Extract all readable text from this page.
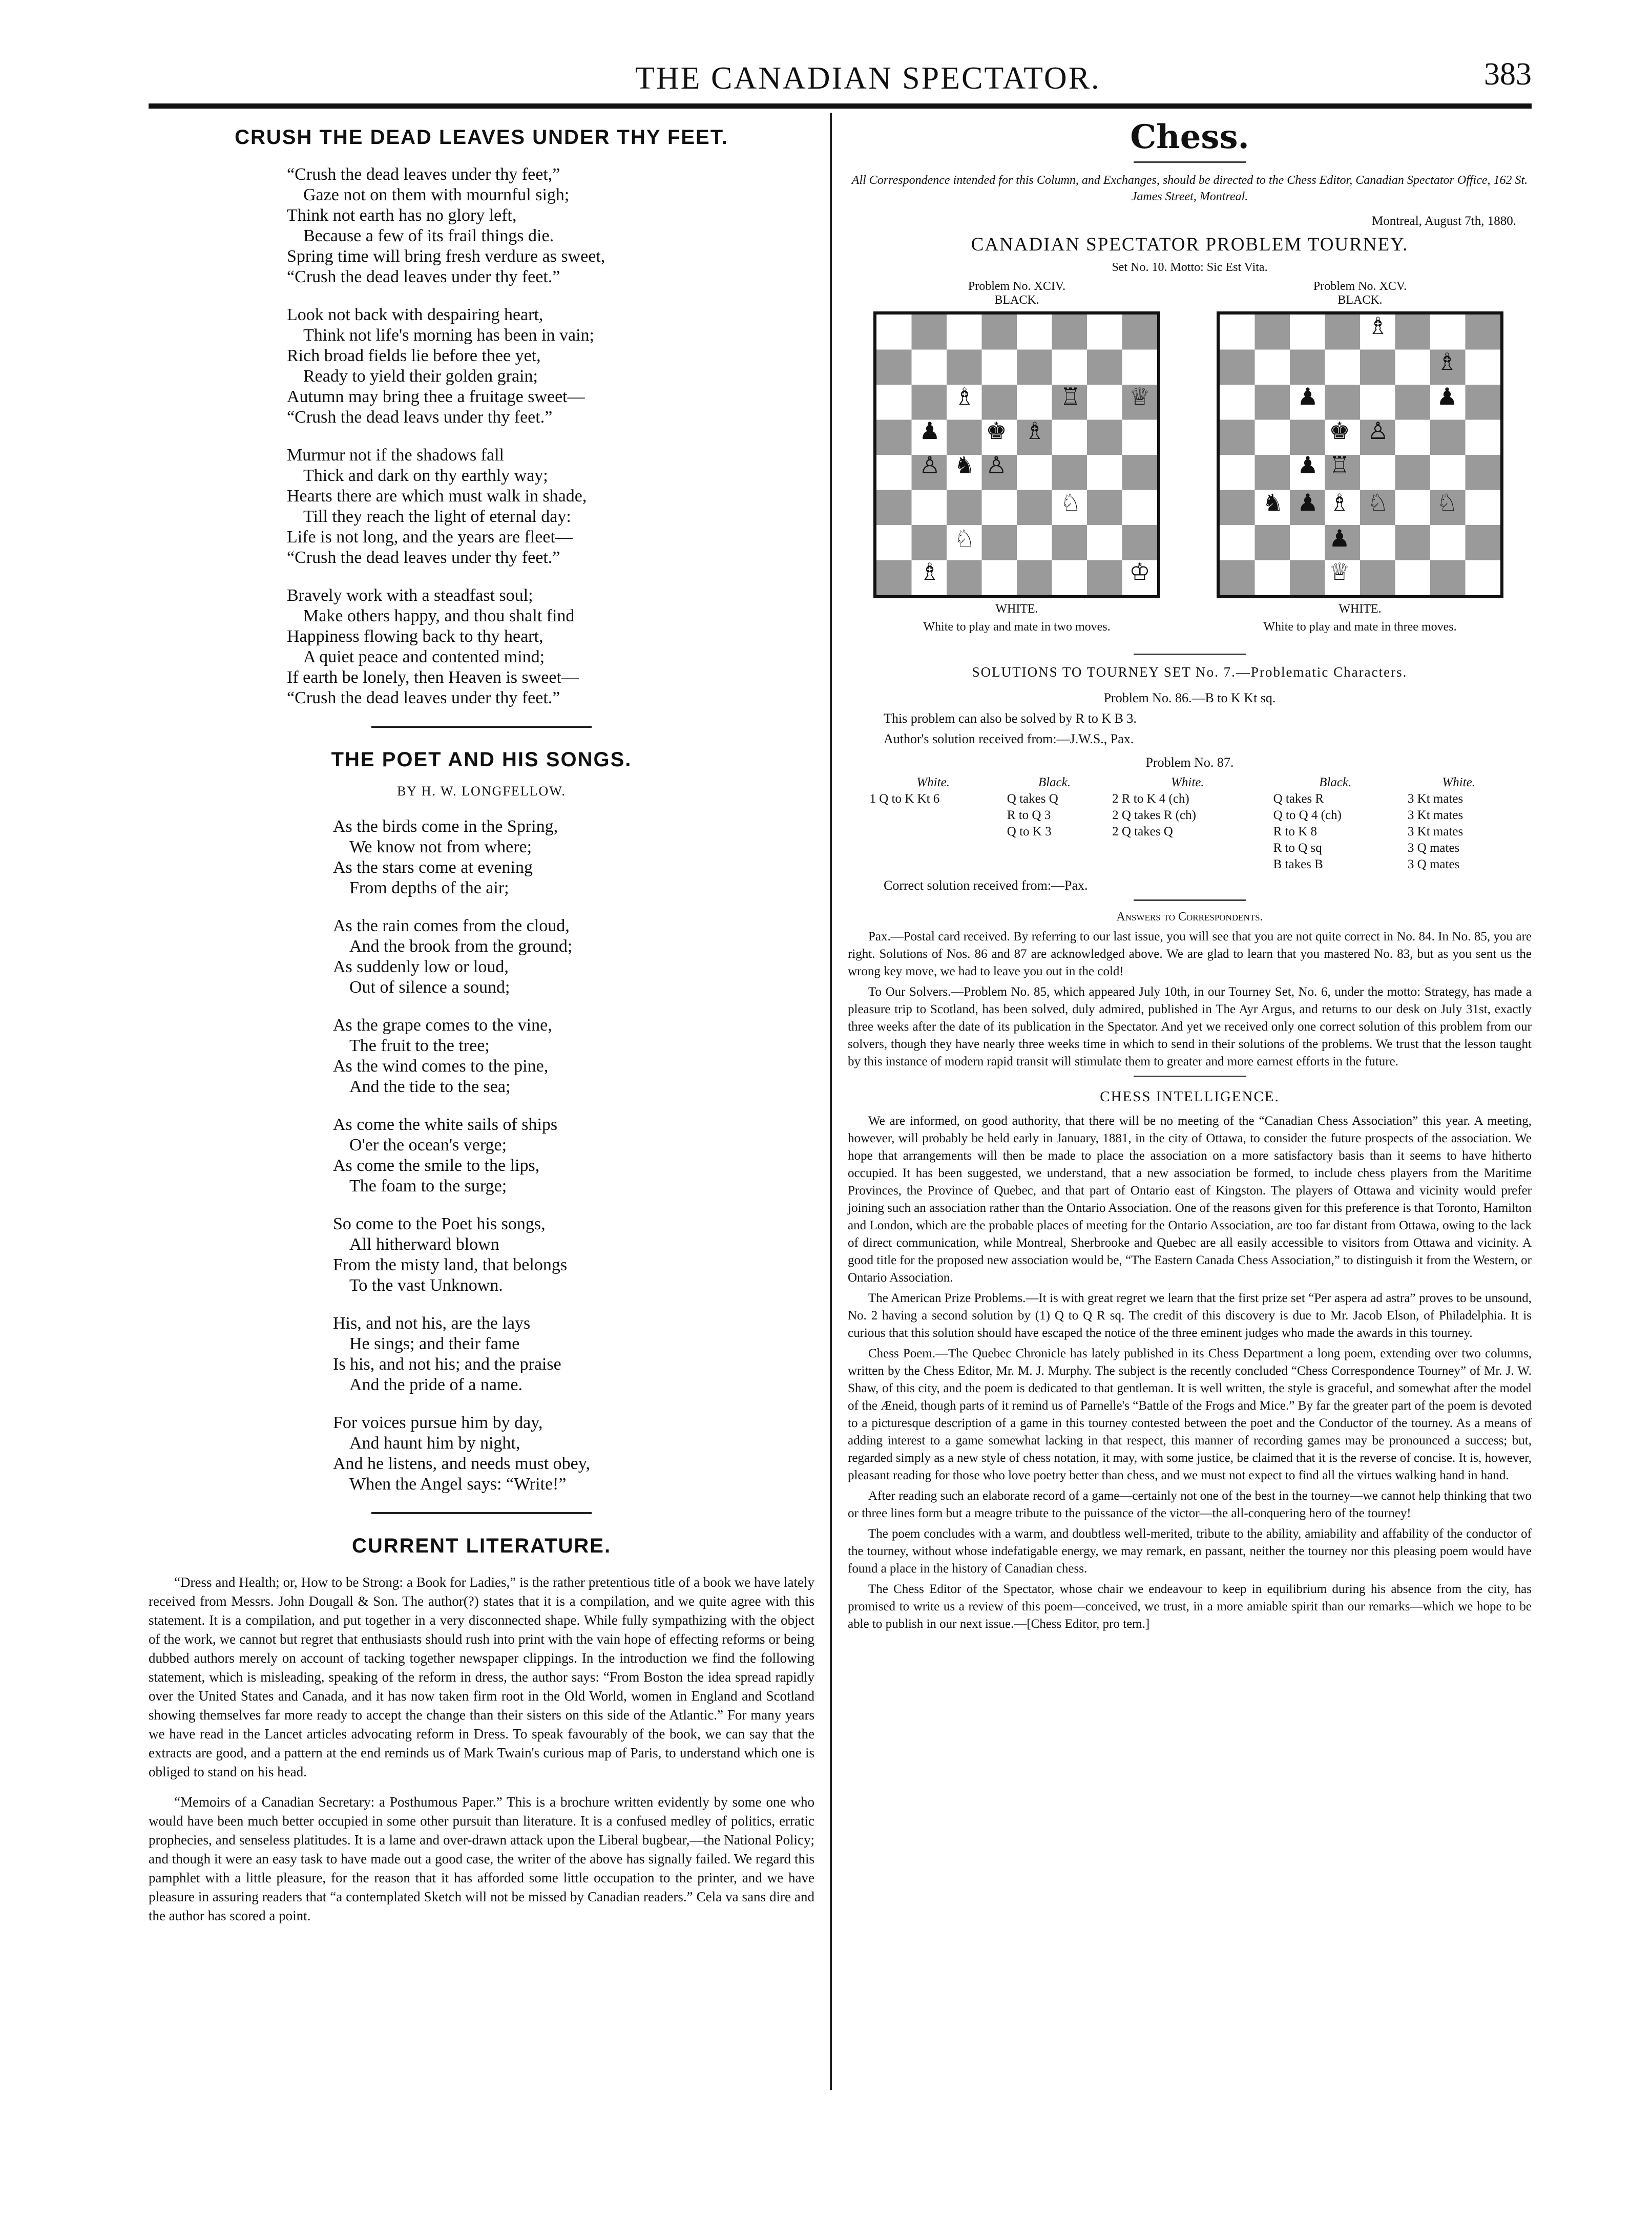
THE CANADIAN SPECTATOR.	383
CRUSH THE DEAD LEAVES UNDER THY FEET.
“Crush the dead leaves under thy feet,”
Gaze not on them with mournful sigh;
Think not earth has no glory left,
Because a few of its frail things die.
Spring time will bring fresh verdure as sweet,
“Crush the dead leaves under thy feet.”
Look not back with despairing heart,
Think not life's morning has been in vain;
Rich broad fields lie before thee yet,
Ready to yield their golden grain;
Autumn may bring thee a fruitage sweet—
“Crush the dead leavs under thy feet.”
Murmur not if the shadows fall
Thick and dark on thy earthly way;
Hearts there are which must walk in shade,
Till they reach the light of eternal day:
Life is not long, and the years are fleet—
“Crush the dead leaves under thy feet.”
Bravely work with a steadfast soul;
Make others happy, and thou shalt find
Happiness flowing back to thy heart,
A quiet peace and contented mind;
If earth be lonely, then Heaven is sweet—
“Crush the dead leaves under thy feet.”
THE POET AND HIS SONGS.
BY H. W. LONGFELLOW.
As the birds come in the Spring,
We know not from where;
As the stars come at evening
From depths of the air;
As the rain comes from the cloud,
And the brook from the ground;
As suddenly low or loud,
Out of silence a sound;
As the grape comes to the vine,
The fruit to the tree;
As the wind comes to the pine,
And the tide to the sea;
As come the white sails of ships
O'er the ocean's verge;
As come the smile to the lips,
The foam to the surge;
So come to the Poet his songs,
All hitherward blown
From the misty land, that belongs
To the vast Unknown.
His, and not his, are the lays
He sings; and their fame
Is his, and not his; and the praise
And the pride of a name.
For voices pursue him by day,
And haunt him by night,
And he listens, and needs must obey,
When the Angel says: “Write!”
CURRENT LITERATURE.

“Dress and Health; or, How to be Strong: a Book for Ladies,” is the rather pretentious title of a book we have lately received from Messrs. John Dougall & Son. The author(?) states that it is a compilation, and we quite agree with this statement. It is a compilation, and put together in a very disconnected shape. While fully sympathizing with the object of the work, we cannot but regret that enthusiasts should rush into print with the vain hope of effecting reforms or being dubbed authors merely on account of tacking together newspaper clippings. In the introduction we find the following statement, which is misleading, speaking of the reform in dress, the author says: “From Boston the idea spread rapidly over the United States and Canada, and it has now taken firm root in the Old World, women in England and Scotland showing themselves far more ready to accept the change than their sisters on this side of the Atlantic.” For many years we have read in the Lancet articles advocating reform in Dress. To speak favourably of the book, we can say that the extracts are good, and a pattern at the end reminds us of Mark Twain's curious map of Paris, to understand which one is obliged to stand on his head.

“Memoirs of a Canadian Secretary: a Posthumous Paper.” This is a brochure written evidently by some one who would have been much better occupied in some other pursuit than literature. It is a confused medley of politics, erratic prophecies, and senseless platitudes. It is a lame and over-drawn attack upon the Liberal bugbear,—the National Policy; and though it were an easy task to have made out a good case, the writer of the above has signally failed. We regard this pamphlet with a little pleasure, for the reason that it has afforded some little occupation to the printer, and we have pleasure in assuring readers that “a contemplated Sketch will not be missed by Canadian readers.” Cela va sans dire and the author has scored a point.

Chess.
All Correspondence intended for this Column, and Exchanges, should be directed to the Chess Editor, Canadian Spectator Office, 162 St. James Street, Montreal.
Montreal, August 7th, 1880.
CANADIAN SPECTATOR PROBLEM TOURNEY.
Set No. 10. Motto: Sic Est Vita.
Problem No. XCIV.
BLACK.
♗	♖ ♕
♟ ♚ ♗
♙ ♞ ♙
♘
♘
♗	♔
WHITE.
White to play and mate in two moves.
Problem No. XCV.
BLACK.
♗
♗
♟	♟
♚ ♙
♟ ♖
♞ ♗ ♘ ♘
♟
♟
♕
WHITE.
White to play and mate in three moves.
SOLUTIONS TO TOURNEY SET No. 7.—Problematic Characters.
Problem No. 86.—B to K Kt sq.
This problem can also be solved by R to K B 3.
Author's solution received from:—J.W.S., Pax.
Problem No. 87.
White.	Black.	White.	Black.	White.
1 Q to K Kt 6	Q takes Q	2 R to K 4 (ch)	Q takes R	3 Kt mates
	R to Q 3	2 Q takes R (ch)	Q to Q 4 (ch)	3 Kt mates
	Q to K 3	2 Q takes Q	R to K 8	3 Kt mates
			R to Q sq	3 Q mates
			B takes B	3 Q mates
Correct solution received from:—Pax.
Answers to Correspondents.

Pax.—Postal card received. By referring to our last issue, you will see that you are not quite correct in No. 84. In No. 85, you are right. Solutions of Nos. 86 and 87 are acknowledged above. We are glad to learn that you mastered No. 83, but as you sent us the wrong key move, we had to leave you out in the cold!

To Our Solvers.—Problem No. 85, which appeared July 10th, in our Tourney Set, No. 6, under the motto: Strategy, has made a pleasure trip to Scotland, has been solved, duly admired, published in The Ayr Argus, and returns to our desk on July 31st, exactly three weeks after the date of its publication in the Spectator. And yet we received only one correct solution of this problem from our solvers, though they have nearly three weeks time in which to send in their solutions of the problems. We trust that the lesson taught by this instance of modern rapid transit will stimulate them to greater and more earnest efforts in the future.

CHESS INTELLIGENCE.

We are informed, on good authority, that there will be no meeting of the “Canadian Chess Association” this year. A meeting, however, will probably be held early in January, 1881, in the city of Ottawa, to consider the future prospects of the association. We hope that arrangements will then be made to place the association on a more satisfactory basis than it seems to have hitherto occupied. It has been suggested, we understand, that a new association be formed, to include chess players from the Maritime Provinces, the Province of Quebec, and that part of Ontario east of Kingston. The players of Ottawa and vicinity would prefer joining such an association rather than the Ontario Association. One of the reasons given for this preference is that Toronto, Hamilton and London, which are the probable places of meeting for the Ontario Association, are too far distant from Ottawa, owing to the lack of direct communication, while Montreal, Sherbrooke and Quebec are all easily accessible to visitors from Ottawa and vicinity. A good title for the proposed new association would be, “The Eastern Canada Chess Association,” to distinguish it from the Western, or Ontario Association.

The American Prize Problems.—It is with great regret we learn that the first prize set “Per aspera ad astra” proves to be unsound, No. 2 having a second solution by (1) Q to Q R sq. The credit of this discovery is due to Mr. Jacob Elson, of Philadelphia. It is curious that this solution should have escaped the notice of the three eminent judges who made the awards in this tourney.

Chess Poem.—The Quebec Chronicle has lately published in its Chess Department a long poem, extending over two columns, written by the Chess Editor, Mr. M. J. Murphy. The subject is the recently concluded “Chess Correspondence Tourney” of Mr. J. W. Shaw, of this city, and the poem is dedicated to that gentleman. It is well written, the style is graceful, and somewhat after the model of the Æneid, though parts of it remind us of Parnelle's “Battle of the Frogs and Mice.” By far the greater part of the poem is devoted to a picturesque description of a game in this tourney contested between the poet and the Conductor of the tourney. As a means of adding interest to a game somewhat lacking in that respect, this manner of recording games may be pronounced a success; but, regarded simply as a new style of chess notation, it may, with some justice, be claimed that it is the reverse of concise. It is, however, pleasant reading for those who love poetry better than chess, and we must not expect to find all the virtues walking hand in hand.

After reading such an elaborate record of a game—certainly not one of the best in the tourney—we cannot help thinking that two or three lines form but a meagre tribute to the puissance of the victor—the all-conquering hero of the tourney!

The poem concludes with a warm, and doubtless well-merited, tribute to the ability, amiability and affability of the conductor of the tourney, without whose indefatigable energy, we may remark, en passant, neither the tourney nor this pleasing poem would have found a place in the history of Canadian chess.

The Chess Editor of the Spectator, whose chair we endeavour to keep in equilibrium during his absence from the city, has promised to write us a review of this poem—conceived, we trust, in a more amiable spirit than our remarks—which we hope to be able to publish in our next issue.—[Chess Editor, pro tem.]
